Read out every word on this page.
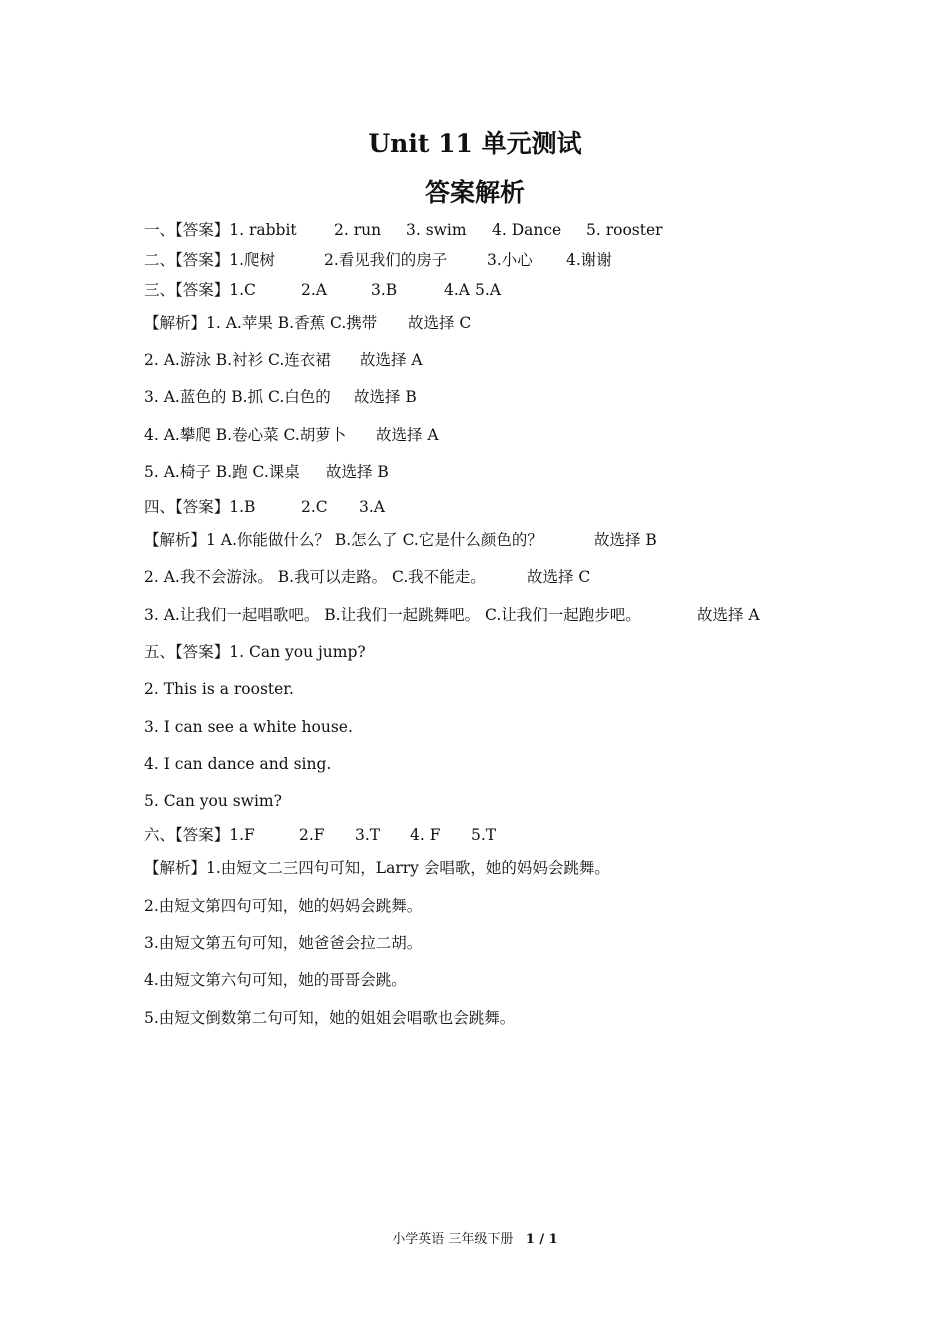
Unit 11 单元测试
答案解析
一、【答案】1. rabbit 2. run 3. swim 4. Dance 5. rooster
二、【答案】1.爬树	2.看见我们的房子	3.小心 4.谢谢
三、【答案】1.C	2.A	3.B	4.A 5.A
【解析】1. A.苹果 B.香蕉 C.携带 故选择 C
2. A.游泳 B.衬衫 C.连衣裙 故选择 A
3. A.蓝色的 B.抓 C.白色的 故选择 B
4. A.攀爬 B.卷心菜 C.胡萝卜 故选择 A
5. A.椅子 B.跑 C.课桌 故选择 B
四、【答案】1.B	2.C 3.A
【解析】1 A.你能做什么？ B.怎么了 C.它是什么颜色的？	故选择 B
2. A.我不会游泳。 B.我可以走路。 C.我不能走。	故选择 C
3. A.让我们一起唱歌吧。 B.让我们一起跳舞吧。 C.让我们一起跑步吧。	故选择 A
五、【答案】1. Can you jump?
2. This is a rooster.
3. I can see a white house.
4. I can dance and sing.
5. Can you swim?
六、【答案】1.F	2.F 3.T 4. F 5.T
【解析】1.由短文二三四句可知，Larry 会唱歌，她的妈妈会跳舞。
2.由短文第四句可知，她的妈妈会跳舞。
3.由短文第五句可知，她爸爸会拉二胡。
4.由短文第六句可知，她的哥哥会跳。
5.由短文倒数第二句可知，她的姐姐会唱歌也会跳舞。
小学英语 三年级下册 1 / 1
